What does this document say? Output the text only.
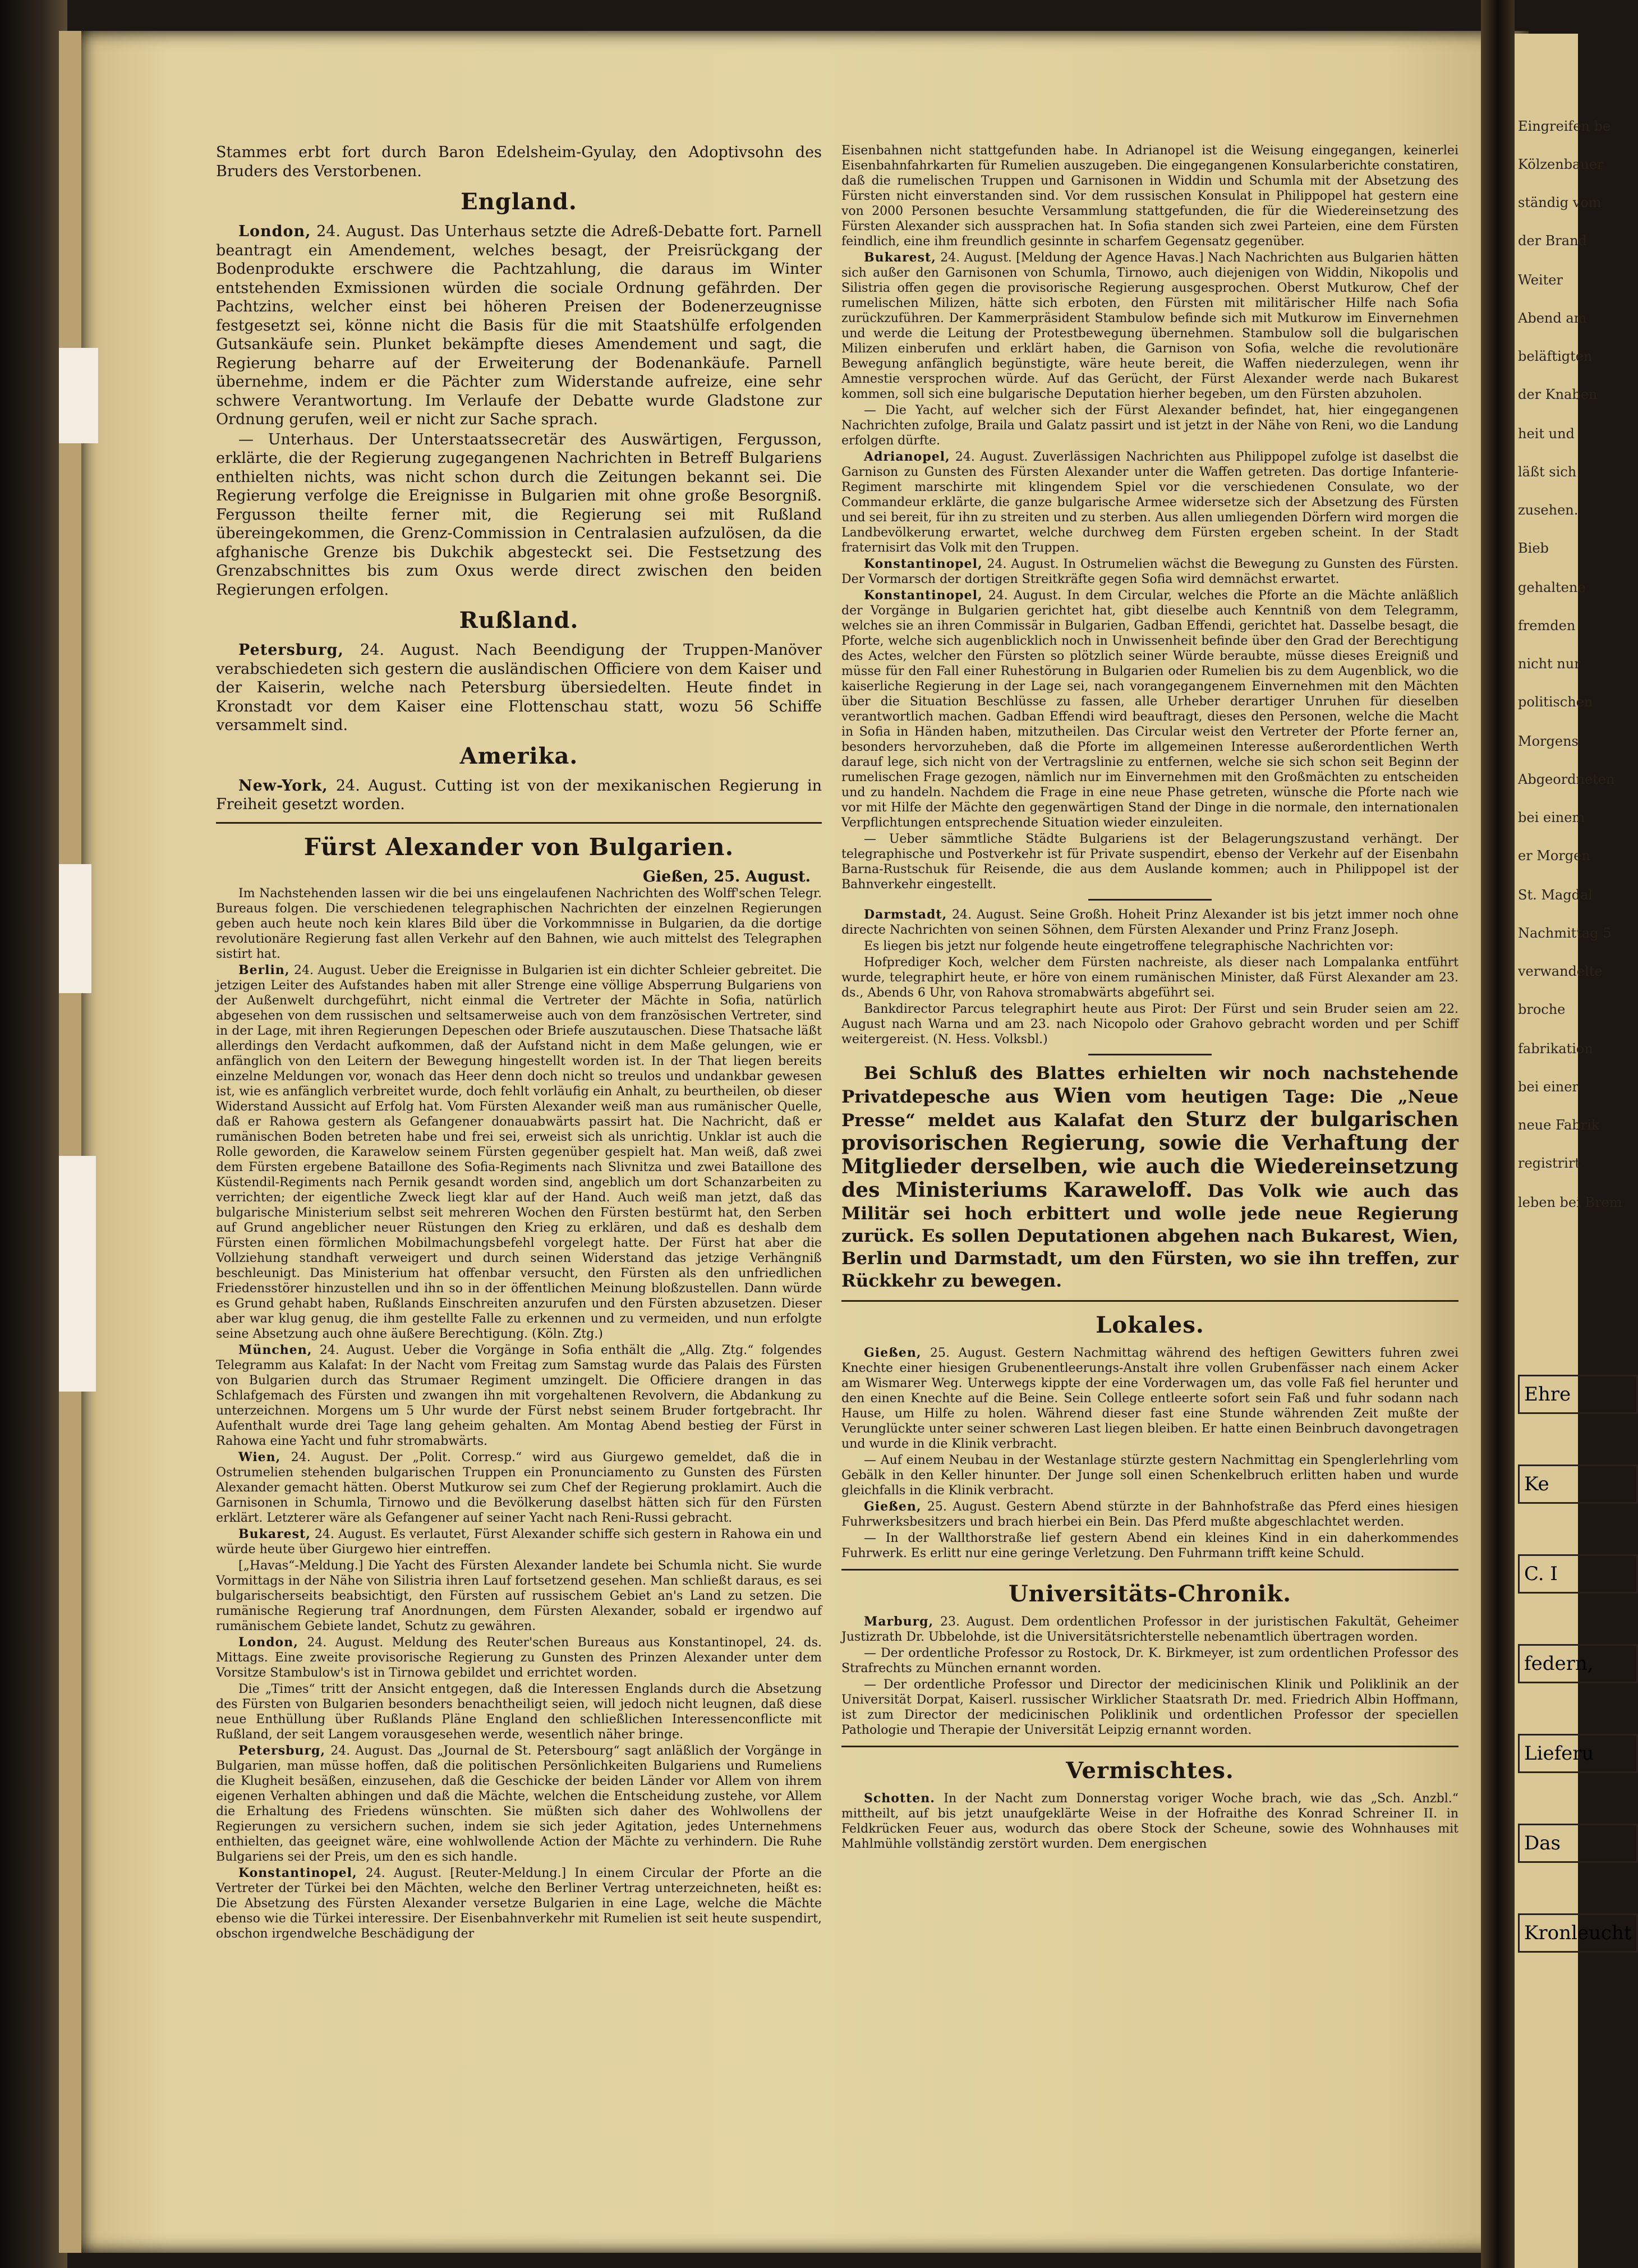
Stammes erbt fort durch Baron Edelsheim-Gyulay, den Adoptivsohn des Bruders des Verstorbenen.

England.

London, 24. August. Das Unterhaus setzte die Adreß-Debatte fort. Parnell beantragt ein Amendement, welches besagt, der Preisrückgang der Bodenprodukte erschwere die Pachtzahlung, die daraus im Winter entstehenden Exmissionen würden die sociale Ordnung gefährden. Der Pachtzins, welcher einst bei höheren Preisen der Bodenerzeugnisse festgesetzt sei, könne nicht die Basis für die mit Staatshülfe erfolgenden Gutsankäufe sein. Plunket bekämpfte dieses Amendement und sagt, die Regierung beharre auf der Erweiterung der Bodenankäufe. Parnell übernehme, indem er die Pächter zum Widerstande aufreize, eine sehr schwere Verantwortung. Im Verlaufe der Debatte wurde Gladstone zur Ordnung gerufen, weil er nicht zur Sache sprach.

— Unterhaus. Der Unterstaatssecretär des Auswärtigen, Fergusson, erklärte, die der Regierung zugegangenen Nachrichten in Betreff Bulgariens enthielten nichts, was nicht schon durch die Zeitungen bekannt sei. Die Regierung verfolge die Ereignisse in Bulgarien mit ohne große Besorgniß. Fergusson theilte ferner mit, die Regierung sei mit Rußland übereingekommen, die Grenz-Commission in Centralasien aufzulösen, da die afghanische Grenze bis Dukchik abgesteckt sei. Die Festsetzung des Grenzabschnittes bis zum Oxus werde direct zwischen den beiden Regierungen erfolgen.

Rußland.

Petersburg, 24. August. Nach Beendigung der Truppen-Manöver verabschiedeten sich gestern die ausländischen Officiere von dem Kaiser und der Kaiserin, welche nach Petersburg übersiedelten. Heute findet in Kronstadt vor dem Kaiser eine Flottenschau statt, wozu 56 Schiffe versammelt sind.

Amerika.

New-York, 24. August. Cutting ist von der mexikanischen Regierung in Freiheit gesetzt worden.

Fürst Alexander von Bulgarien.
Gießen, 25. August.

Im Nachstehenden lassen wir die bei uns eingelaufenen Nachrichten des Wolff'schen Telegr. Bureaus folgen. Die verschiedenen telegraphischen Nachrichten der einzelnen Regierungen geben auch heute noch kein klares Bild über die Vorkommnisse in Bulgarien, da die dortige revolutionäre Regierung fast allen Verkehr auf den Bahnen, wie auch mittelst des Telegraphen sistirt hat.

Berlin, 24. August. Ueber die Ereignisse in Bulgarien ist ein dichter Schleier gebreitet. Die jetzigen Leiter des Aufstandes haben mit aller Strenge eine völlige Absperrung Bulgariens von der Außenwelt durchgeführt, nicht einmal die Vertreter der Mächte in Sofia, natürlich abgesehen von dem russischen und seltsamerweise auch von dem französischen Vertreter, sind in der Lage, mit ihren Regierungen Depeschen oder Briefe auszutauschen. Diese Thatsache läßt allerdings den Verdacht aufkommen, daß der Aufstand nicht in dem Maße gelungen, wie er anfänglich von den Leitern der Bewegung hingestellt worden ist. In der That liegen bereits einzelne Meldungen vor, wonach das Heer denn doch nicht so treulos und undankbar gewesen ist, wie es anfänglich verbreitet wurde, doch fehlt vorläufig ein Anhalt, zu beurtheilen, ob dieser Widerstand Aussicht auf Erfolg hat. Vom Fürsten Alexander weiß man aus rumänischer Quelle, daß er Rahowa gestern als Gefangener donauabwärts passirt hat. Die Nachricht, daß er rumänischen Boden betreten habe und frei sei, erweist sich als unrichtig. Unklar ist auch die Rolle geworden, die Karawelow seinem Fürsten gegenüber gespielt hat. Man weiß, daß zwei dem Fürsten ergebene Bataillone des Sofia-Regiments nach Slivnitza und zwei Bataillone des Küstendil-Regiments nach Pernik gesandt worden sind, angeblich um dort Schanzarbeiten zu verrichten; der eigentliche Zweck liegt klar auf der Hand. Auch weiß man jetzt, daß das bulgarische Ministerium selbst seit mehreren Wochen den Fürsten bestürmt hat, den Serben auf Grund angeblicher neuer Rüstungen den Krieg zu erklären, und daß es deshalb dem Fürsten einen förmlichen Mobilmachungsbefehl vorgelegt hatte. Der Fürst hat aber die Vollziehung standhaft verweigert und durch seinen Widerstand das jetzige Verhängniß beschleunigt. Das Ministerium hat offenbar versucht, den Fürsten als den unfriedlichen Friedensstörer hinzustellen und ihn so in der öffentlichen Meinung bloßzustellen. Dann würde es Grund gehabt haben, Rußlands Einschreiten anzurufen und den Fürsten abzusetzen. Dieser aber war klug genug, die ihm gestellte Falle zu erkennen und zu vermeiden, und nun erfolgte seine Absetzung auch ohne äußere Berechtigung. (Köln. Ztg.)

München, 24. August. Ueber die Vorgänge in Sofia enthält die „Allg. Ztg.“ folgendes Telegramm aus Kalafat: In der Nacht vom Freitag zum Samstag wurde das Palais des Fürsten von Bulgarien durch das Strumaer Regiment umzingelt. Die Officiere drangen in das Schlafgemach des Fürsten und zwangen ihn mit vorgehaltenen Revolvern, die Abdankung zu unterzeichnen. Morgens um 5 Uhr wurde der Fürst nebst seinem Bruder fortgebracht. Ihr Aufenthalt wurde drei Tage lang geheim gehalten. Am Montag Abend bestieg der Fürst in Rahowa eine Yacht und fuhr stromabwärts.

Wien, 24. August. Der „Polit. Corresp.“ wird aus Giurgewo gemeldet, daß die in Ostrumelien stehenden bulgarischen Truppen ein Pronunciamento zu Gunsten des Fürsten Alexander gemacht hätten. Oberst Mutkurow sei zum Chef der Regierung proklamirt. Auch die Garnisonen in Schumla, Tirnowo und die Bevölkerung daselbst hätten sich für den Fürsten erklärt. Letzterer wäre als Gefangener auf seiner Yacht nach Reni-Russi gebracht.

Bukarest, 24. August. Es verlautet, Fürst Alexander schiffe sich gestern in Rahowa ein und würde heute über Giurgewo hier eintreffen.

[„Havas“-Meldung.] Die Yacht des Fürsten Alexander landete bei Schumla nicht. Sie wurde Vormittags in der Nähe von Silistria ihren Lauf fortsetzend gesehen. Man schließt daraus, es sei bulgarischerseits beabsichtigt, den Fürsten auf russischem Gebiet an's Land zu setzen. Die rumänische Regierung traf Anordnungen, dem Fürsten Alexander, sobald er irgendwo auf rumänischem Gebiete landet, Schutz zu gewähren.

London, 24. August. Meldung des Reuter'schen Bureaus aus Konstantinopel, 24. ds. Mittags. Eine zweite provisorische Regierung zu Gunsten des Prinzen Alexander unter dem Vorsitze Stambulow's ist in Tirnowa gebildet und errichtet worden.

Die „Times“ tritt der Ansicht entgegen, daß die Interessen Englands durch die Absetzung des Fürsten von Bulgarien besonders benachtheiligt seien, will jedoch nicht leugnen, daß diese neue Enthüllung über Rußlands Pläne England den schließlichen Interessenconflicte mit Rußland, der seit Langem vorausgesehen werde, wesentlich näher bringe.

Petersburg, 24. August. Das „Journal de St. Petersbourg“ sagt anläßlich der Vorgänge in Bulgarien, man müsse hoffen, daß die politischen Persönlichkeiten Bulgariens und Rumeliens die Klugheit besäßen, einzusehen, daß die Geschicke der beiden Länder vor Allem von ihrem eigenen Verhalten abhingen und daß die Mächte, welchen die Entscheidung zustehe, vor Allem die Erhaltung des Friedens wünschten. Sie müßten sich daher des Wohlwollens der Regierungen zu versichern suchen, indem sie sich jeder Agitation, jedes Unternehmens enthielten, das geeignet wäre, eine wohlwollende Action der Mächte zu verhindern. Die Ruhe Bulgariens sei der Preis, um den es sich handle.

Konstantinopel, 24. August. [Reuter-Meldung.] In einem Circular der Pforte an die Vertreter der Türkei bei den Mächten, welche den Berliner Vertrag unterzeichneten, heißt es: Die Absetzung des Fürsten Alexander versetze Bulgarien in eine Lage, welche die Mächte ebenso wie die Türkei interessire. Der Eisenbahnverkehr mit Rumelien ist seit heute suspendirt, obschon irgendwelche Beschädigung der

Eisenbahnen nicht stattgefunden habe. In Adrianopel ist die Weisung eingegangen, keinerlei Eisenbahnfahrkarten für Rumelien auszugeben. Die eingegangenen Konsularberichte constatiren, daß die rumelischen Truppen und Garnisonen in Widdin und Schumla mit der Absetzung des Fürsten nicht einverstanden sind. Vor dem russischen Konsulat in Philippopel hat gestern eine von 2000 Personen besuchte Versammlung stattgefunden, die für die Wiedereinsetzung des Fürsten Alexander sich aussprachen hat. In Sofia standen sich zwei Parteien, eine dem Fürsten feindlich, eine ihm freundlich gesinnte in scharfem Gegensatz gegenüber.

Bukarest, 24. August. [Meldung der Agence Havas.] Nach Nachrichten aus Bulgarien hätten sich außer den Garnisonen von Schumla, Tirnowo, auch diejenigen von Widdin, Nikopolis und Silistria offen gegen die provisorische Regierung ausgesprochen. Oberst Mutkurow, Chef der rumelischen Milizen, hätte sich erboten, den Fürsten mit militärischer Hilfe nach Sofia zurückzuführen. Der Kammerpräsident Stambulow befinde sich mit Mutkurow im Einvernehmen und werde die Leitung der Protestbewegung übernehmen. Stambulow soll die bulgarischen Milizen einberufen und erklärt haben, die Garnison von Sofia, welche die revolutionäre Bewegung anfänglich begünstigte, wäre heute bereit, die Waffen niederzulegen, wenn ihr Amnestie versprochen würde. Auf das Gerücht, der Fürst Alexander werde nach Bukarest kommen, soll sich eine bulgarische Deputation hierher begeben, um den Fürsten abzuholen.

— Die Yacht, auf welcher sich der Fürst Alexander befindet, hat, hier eingegangenen Nachrichten zufolge, Braila und Galatz passirt und ist jetzt in der Nähe von Reni, wo die Landung erfolgen dürfte.

Adrianopel, 24. August. Zuverlässigen Nachrichten aus Philippopel zufolge ist daselbst die Garnison zu Gunsten des Fürsten Alexander unter die Waffen getreten. Das dortige Infanterie-Regiment marschirte mit klingendem Spiel vor die verschiedenen Consulate, wo der Commandeur erklärte, die ganze bulgarische Armee widersetze sich der Absetzung des Fürsten und sei bereit, für ihn zu streiten und zu sterben. Aus allen umliegenden Dörfern wird morgen die Landbevölkerung erwartet, welche durchweg dem Fürsten ergeben scheint. In der Stadt fraternisirt das Volk mit den Truppen.

Konstantinopel, 24. August. In Ostrumelien wächst die Bewegung zu Gunsten des Fürsten. Der Vormarsch der dortigen Streitkräfte gegen Sofia wird demnächst erwartet.

Konstantinopel, 24. August. In dem Circular, welches die Pforte an die Mächte anläßlich der Vorgänge in Bulgarien gerichtet hat, gibt dieselbe auch Kenntniß von dem Telegramm, welches sie an ihren Commissär in Bulgarien, Gadban Effendi, gerichtet hat. Dasselbe besagt, die Pforte, welche sich augenblicklich noch in Unwissenheit befinde über den Grad der Berechtigung des Actes, welcher den Fürsten so plötzlich seiner Würde beraubte, müsse dieses Ereigniß und müsse für den Fall einer Ruhestörung in Bulgarien oder Rumelien bis zu dem Augenblick, wo die kaiserliche Regierung in der Lage sei, nach vorangegangenem Einvernehmen mit den Mächten über die Situation Beschlüsse zu fassen, alle Urheber derartiger Unruhen für dieselben verantwortlich machen. Gadban Effendi wird beauftragt, dieses den Personen, welche die Macht in Sofia in Händen haben, mitzutheilen. Das Circular weist den Vertreter der Pforte ferner an, besonders hervorzuheben, daß die Pforte im allgemeinen Interesse außerordentlichen Werth darauf lege, sich nicht von der Vertragslinie zu entfernen, welche sie sich schon seit Beginn der rumelischen Frage gezogen, nämlich nur im Einvernehmen mit den Großmächten zu entscheiden und zu handeln. Nachdem die Frage in eine neue Phase getreten, wünsche die Pforte nach wie vor mit Hilfe der Mächte den gegenwärtigen Stand der Dinge in die normale, den internationalen Verpflichtungen entsprechende Situation wieder einzuleiten.

— Ueber sämmtliche Städte Bulgariens ist der Belagerungszustand verhängt. Der telegraphische und Postverkehr ist für Private suspendirt, ebenso der Verkehr auf der Eisenbahn Barna-Rustschuk für Reisende, die aus dem Auslande kommen; auch in Philippopel ist der Bahnverkehr eingestellt.

Darmstadt, 24. August. Seine Großh. Hoheit Prinz Alexander ist bis jetzt immer noch ohne directe Nachrichten von seinen Söhnen, dem Fürsten Alexander und Prinz Franz Joseph.

Es liegen bis jetzt nur folgende heute eingetroffene telegraphische Nachrichten vor:

Hofprediger Koch, welcher dem Fürsten nachreiste, als dieser nach Lompalanka entführt wurde, telegraphirt heute, er höre von einem rumänischen Minister, daß Fürst Alexander am 23. ds., Abends 6 Uhr, von Rahova stromabwärts abgeführt sei.

Bankdirector Parcus telegraphirt heute aus Pirot: Der Fürst und sein Bruder seien am 22. August nach Warna und am 23. nach Nicopolo oder Grahovo gebracht worden und per Schiff weitergereist. (N. Hess. Volksbl.)

Bei Schluß des Blattes erhielten wir noch nachstehende Privatdepesche aus Wien vom heutigen Tage: Die „Neue Presse“ meldet aus Kalafat den Sturz der bulgarischen provisorischen Regierung, sowie die Verhaftung der Mitglieder derselben, wie auch die Wiedereinsetzung des Ministeriums Karaweloff. Das Volk wie auch das Militär sei hoch erbittert und wolle jede neue Regierung zurück. Es sollen Deputationen abgehen nach Bukarest, Wien, Berlin und Darmstadt, um den Fürsten, wo sie ihn treffen, zur Rückkehr zu bewegen.

Lokales.

Gießen, 25. August. Gestern Nachmittag während des heftigen Gewitters fuhren zwei Knechte einer hiesigen Grubenentleerungs-Anstalt ihre vollen Grubenfässer nach einem Acker am Wismarer Weg. Unterwegs kippte der eine Vorderwagen um, das volle Faß fiel herunter und den einen Knechte auf die Beine. Sein College entleerte sofort sein Faß und fuhr sodann nach Hause, um Hilfe zu holen. Während dieser fast eine Stunde währenden Zeit mußte der Verunglückte unter seiner schweren Last liegen bleiben. Er hatte einen Beinbruch davongetragen und wurde in die Klinik verbracht.

— Auf einem Neubau in der Westanlage stürzte gestern Nachmittag ein Spenglerlehrling vom Gebälk in den Keller hinunter. Der Junge soll einen Schenkelbruch erlitten haben und wurde gleichfalls in die Klinik verbracht.

Gießen, 25. August. Gestern Abend stürzte in der Bahnhofstraße das Pferd eines hiesigen Fuhrwerksbesitzers und brach hierbei ein Bein. Das Pferd mußte abgeschlachtet werden.

— In der Wallthorstraße lief gestern Abend ein kleines Kind in ein daherkommendes Fuhrwerk. Es erlitt nur eine geringe Verletzung. Den Fuhrmann trifft keine Schuld.

Universitäts-Chronik.

Marburg, 23. August. Dem ordentlichen Professor in der juristischen Fakultät, Geheimer Justizrath Dr. Ubbelohde, ist die Universitätsrichterstelle nebenamtlich übertragen worden.

— Der ordentliche Professor zu Rostock, Dr. K. Birkmeyer, ist zum ordentlichen Professor des Strafrechts zu München ernannt worden.

— Der ordentliche Professor und Director der medicinischen Klinik und Poliklinik an der Universität Dorpat, Kaiserl. russischer Wirklicher Staatsrath Dr. med. Friedrich Albin Hoffmann, ist zum Director der medicinischen Poliklinik und ordentlichen Professor der speciellen Pathologie und Therapie der Universität Leipzig ernannt worden.

Vermischtes.

Schotten. In der Nacht zum Donnerstag voriger Woche brach, wie das „Sch. Anzbl.“ mittheilt, auf bis jetzt unaufgeklärte Weise in der Hofraithe des Konrad Schreiner II. in Feldkrücken Feuer aus, wodurch das obere Stock der Scheune, sowie des Wohnhauses mit Mahlmühle vollständig zerstört wurden. Dem energischen

Eingreifen be
Kölzenbauer
ständig vom
der Brand
Weiter
Abend am
beläftigten
der Knaben
heit und
läßt sich
zusehen.
Bieb
gehaltene
fremden
nicht nur
politischen
Morgens
Abgeordneten
bei einem
er Morgen
St. Magdal
Nachmittag 5
verwandelte
broche
fabrikation
bei einer
neue Fabrik
registrirt
leben bei Brem
Ehre
Ke
C. I
federn,
Lieferu
Das
Kronleucht
